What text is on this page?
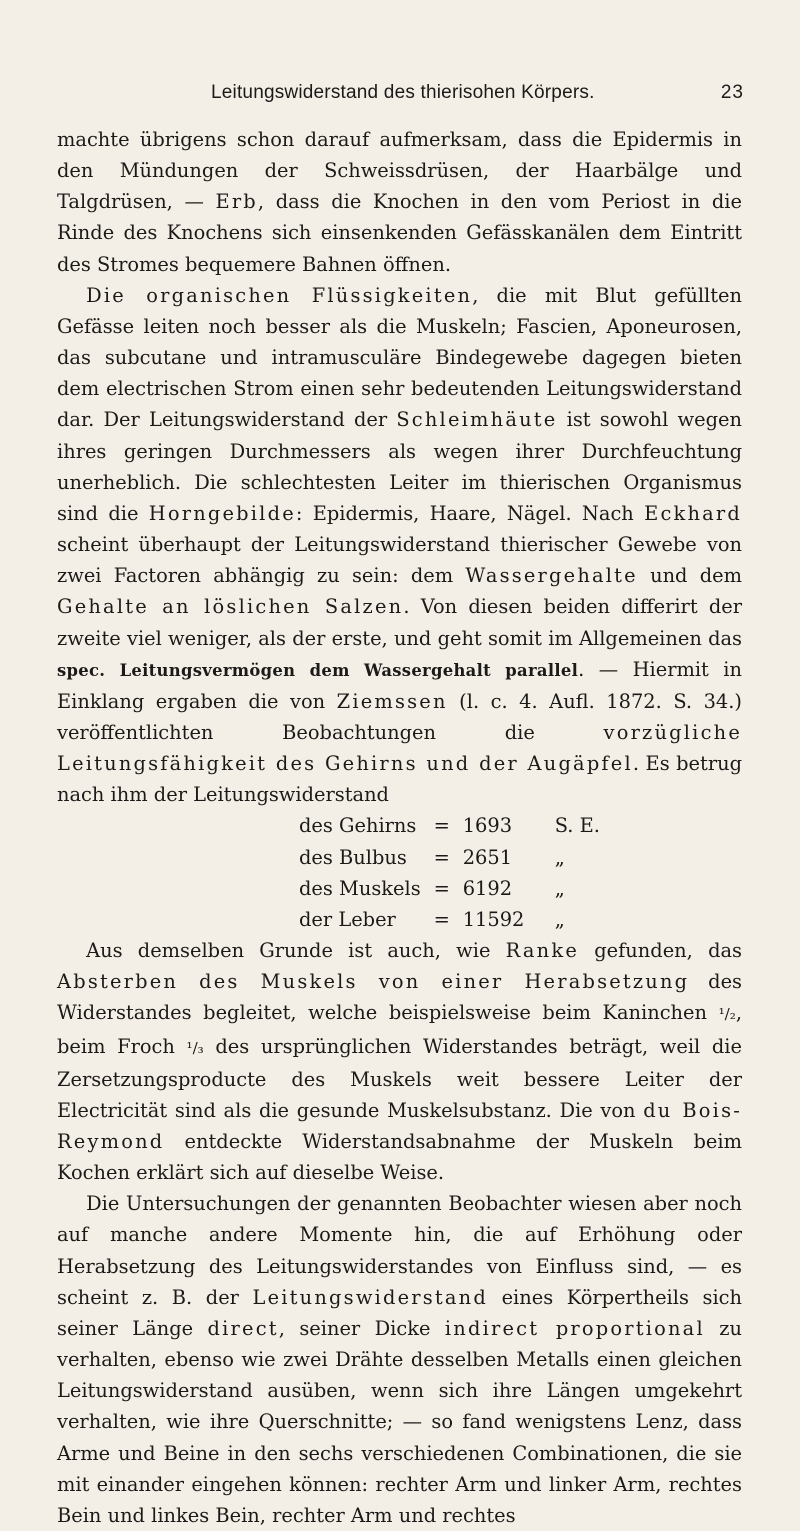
Leitungswiderstand des thierisohen Körpers.	23

machte übrigens schon darauf aufmerksam, dass die Epidermis in den Mündungen der Schweissdrüsen, der Haarbälge und Talgdrüsen, — Erb, dass die Knochen in den vom Periost in die Rinde des Knochens sich einsenkenden Gefässkanälen dem Eintritt des Stromes bequemere Bahnen öffnen.

Die organischen Flüssigkeiten, die mit Blut gefüllten Gefässe leiten noch besser als die Muskeln; Fascien, Aponeurosen, das subcutane und intramusculäre Bindegewebe dagegen bieten dem electrischen Strom einen sehr bedeutenden Leitungswiderstand dar. Der Leitungswiderstand der Schleimhäute ist sowohl wegen ihres geringen Durchmessers als wegen ihrer Durchfeuchtung unerheblich. Die schlechtesten Leiter im thierischen Organismus sind die Horngebilde: Epidermis, Haare, Nägel. Nach Eckhard scheint überhaupt der Leitungswiderstand thierischer Gewebe von zwei Factoren abhängig zu sein: dem Wassergehalte und dem Gehalte an löslichen Salzen. Von diesen beiden differirt der zweite viel weniger, als der erste, und geht somit im Allgemeinen das spec. Leitungsvermögen dem Wassergehalt parallel. — Hiermit in Einklang ergaben die von Ziemssen (l. c. 4. Aufl. 1872. S. 34.) veröffentlichten Beobachtungen die vorzügliche Leitungsfähigkeit des Gehirns und der Augäpfel. Es betrug nach ihm der Leitungswiderstand

des Gehirns	=	1693	S. E.
des Bulbus	=	2651	„
des Muskels	=	6192	„
der Leber	=	11592	„

Aus demselben Grunde ist auch, wie Ranke gefunden, das Absterben des Muskels von einer Herabsetzung des Widerstandes begleitet, welche beispielsweise beim Kaninchen ¹/₂, beim Froch ¹/₃ des ursprünglichen Widerstandes beträgt, weil die Zersetzungsproducte des Muskels weit bessere Leiter der Electricität sind als die gesunde Muskelsubstanz. Die von du Bois-Reymond entdeckte Widerstandsabnahme der Muskeln beim Kochen erklärt sich auf dieselbe Weise.

Die Untersuchungen der genannten Beobachter wiesen aber noch auf manche andere Momente hin, die auf Erhöhung oder Herabsetzung des Leitungswiderstandes von Einfluss sind, — es scheint z. B. der Leitungswiderstand eines Körpertheils sich seiner Länge direct, seiner Dicke indirect proportional zu verhalten, ebenso wie zwei Drähte desselben Metalls einen gleichen Leitungswiderstand ausüben, wenn sich ihre Längen umgekehrt verhalten, wie ihre Querschnitte; — so fand wenigstens Lenz, dass Arme und Beine in den sechs verschiedenen Combinationen, die sie mit einander eingehen können: rechter Arm und linker Arm, rechtes Bein und linkes Bein, rechter Arm und rechtes
